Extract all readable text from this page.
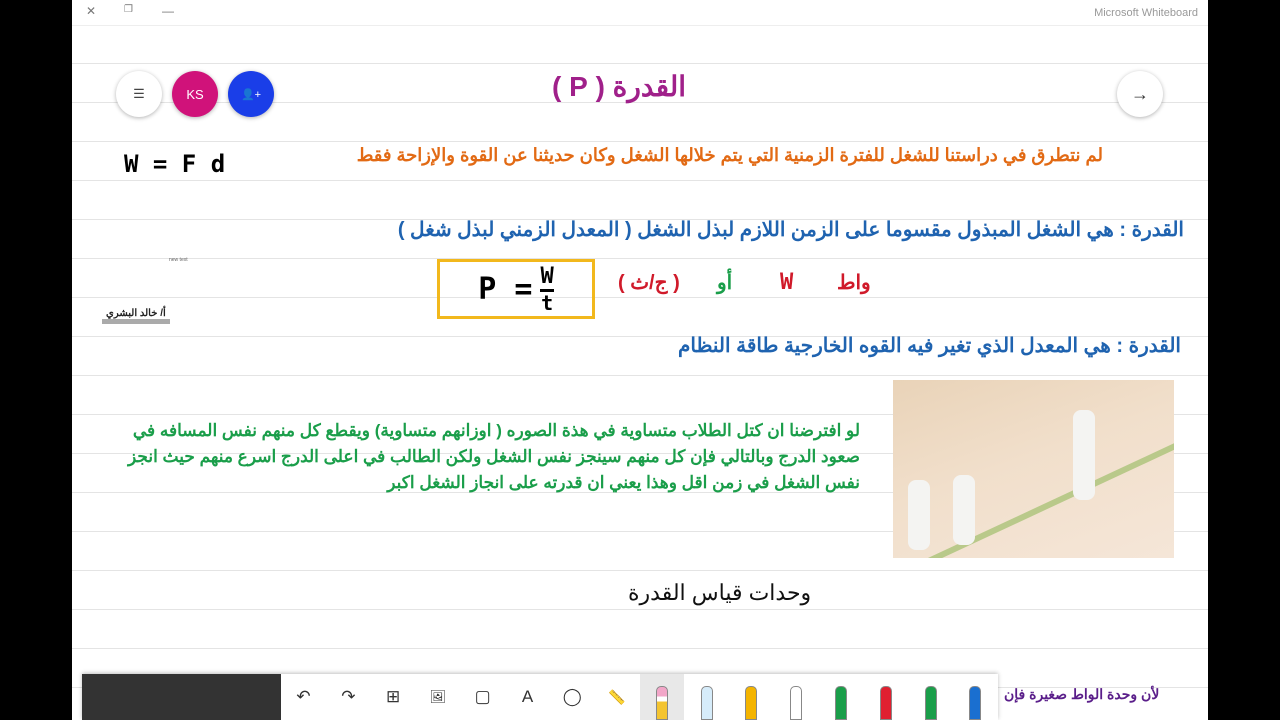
✕	❐ —	Microsoft Whiteboard
☰	KS	👤+	→
القدرة ( P )
لم نتطرق في دراستنا للشغل للفترة الزمنية التي يتم خلالها الشغل وكان حديثنا عن القوة والإزاحة فقط
W = F d
القدرة : هي الشغل المبذول مقسوما على الزمن اللازم لبذل الشغل ( المعدل الزمني لبذل شغل )
new text
$P = \frac{W}{t}$	( ج/ث ) أو W واط
أ/ خالد البشري
القدرة : هي المعدل الذي تغير فيه القوه الخارجية طاقة النظام
لو افترضنا ان كتل الطلاب متساوية في هذة الصوره ( اوزانهم متساوية) ويقطع كل منهم نفس المسافه في صعود الدرج وبالتالي فإن كل منهم سينجز نفس الشغل ولكن الطالب في اعلى الدرج اسرع منهم حيث انجز نفس الشغل في زمن اقل وهذا يعني ان قدرته على انجاز الشغل اكبر
وحدات قياس القدرة
↶	↷	⊞	🖼	▢	A	◯	📏	لأن وحدة الواط صغيرة فإن
